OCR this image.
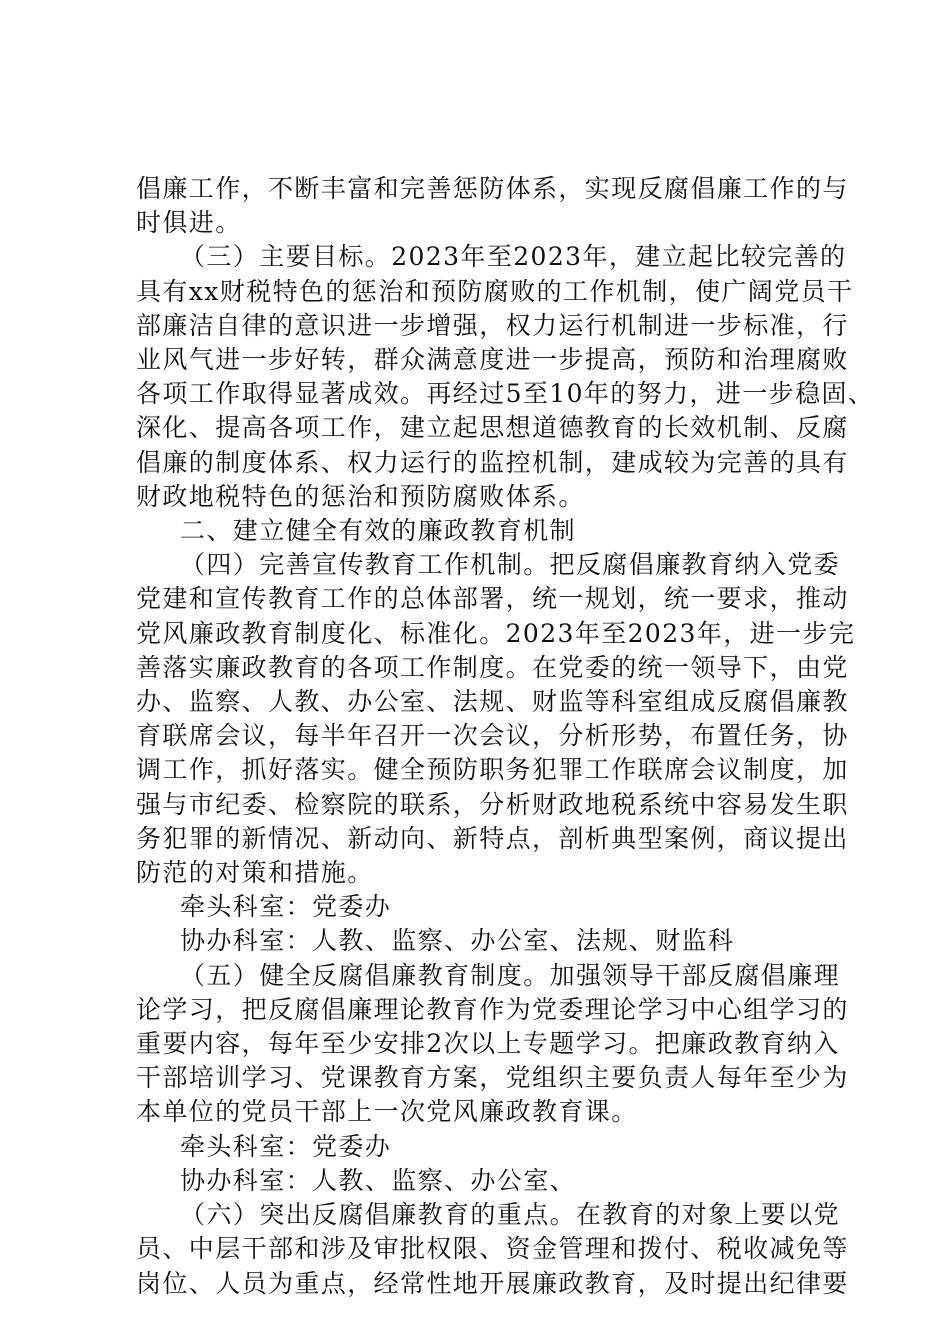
倡廉工作，不断丰富和完善惩防体系，实现反腐倡廉工作的与
时俱进。
（三）主要目标。2023年至2023年，建立起比较完善的
具有xx财税特色的惩治和预防腐败的工作机制，使广阔党员干
部廉洁自律的意识进一步增强，权力运行机制进一步标准，行
业风气进一步好转，群众满意度进一步提高，预防和治理腐败
各项工作取得显著成效。再经过5至10年的努力，进一步稳固、
深化、提高各项工作，建立起思想道德教育的长效机制、反腐
倡廉的制度体系、权力运行的监控机制，建成较为完善的具有
财政地税特色的惩治和预防腐败体系。
二、建立健全有效的廉政教育机制
（四）完善宣传教育工作机制。把反腐倡廉教育纳入党委
党建和宣传教育工作的总体部署，统一规划，统一要求，推动
党风廉政教育制度化、标准化。2023年至2023年，进一步完
善落实廉政教育的各项工作制度。在党委的统一领导下，由党
办、监察、人教、办公室、法规、财监等科室组成反腐倡廉教
育联席会议，每半年召开一次会议，分析形势，布置任务，协
调工作，抓好落实。健全预防职务犯罪工作联席会议制度，加
强与市纪委、检察院的联系，分析财政地税系统中容易发生职
务犯罪的新情况、新动向、新特点，剖析典型案例，商议提出
防范的对策和措施。
牵头科室：党委办
协办科室：人教、监察、办公室、法规、财监科
（五）健全反腐倡廉教育制度。加强领导干部反腐倡廉理
论学习，把反腐倡廉理论教育作为党委理论学习中心组学习的
重要内容，每年至少安排2次以上专题学习。把廉政教育纳入
干部培训学习、党课教育方案，党组织主要负责人每年至少为
本单位的党员干部上一次党风廉政教育课。
牵头科室：党委办
协办科室：人教、监察、办公室、
（六）突出反腐倡廉教育的重点。在教育的对象上要以党
员、中层干部和涉及审批权限、资金管理和拨付、税收减免等
岗位、人员为重点，经常性地开展廉政教育，及时提出纪律要
